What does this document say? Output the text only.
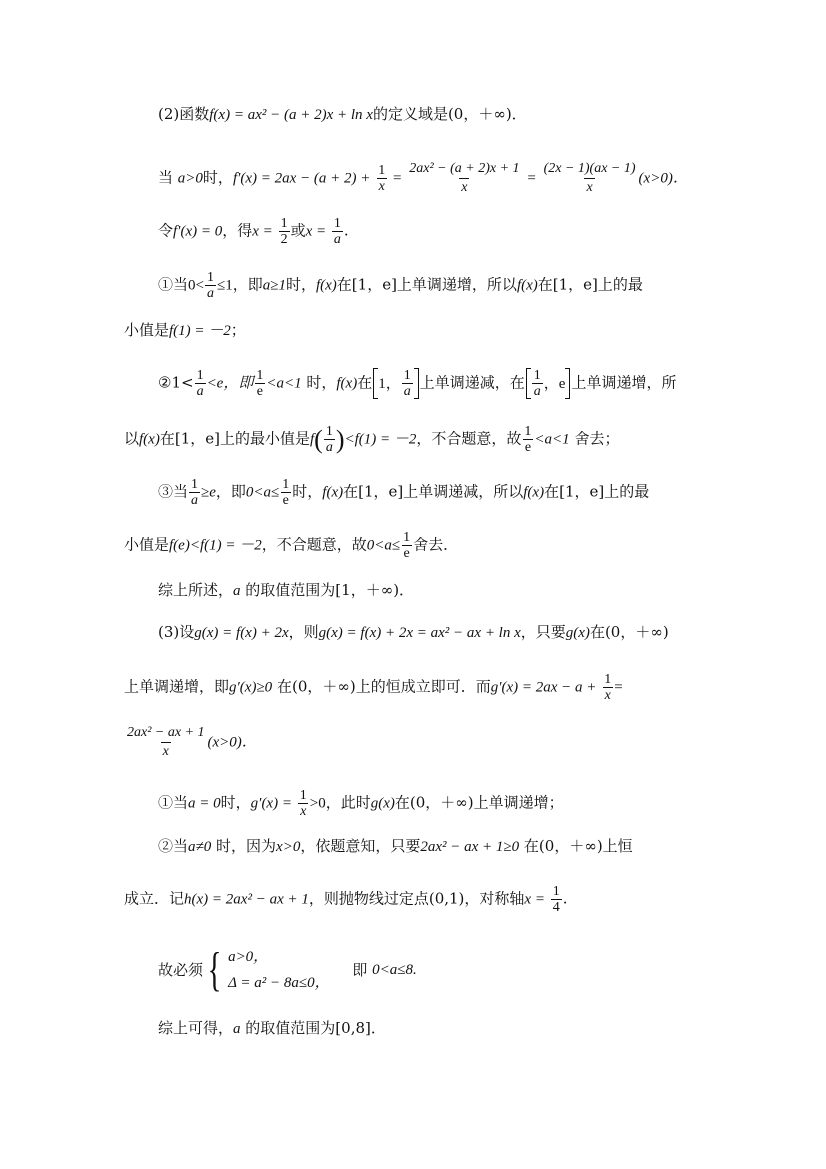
(2)函数f(x) = ax² − (a + 2)x + ln x的定义域是(0，＋∞)．
当 a>0时，$f'(x) = 2ax - (a + 2) + \frac{1}{x} = \frac{\text{2ax² − (a + 2)x + 1}}{x} = \frac{(2x - 1)(ax - 1)}{x} (x>0)$．
令f′(x) = 0，得$x = \frac{1}{2}$ 或$x = \frac{1}{a}$ .
①当$0< \frac{1}{a} \le 1$，即a≥1时，f(x)在[1，e]上单调递增，所以f(x)在[1，e]上的最
小值是f(1) = －2；
②1< $\frac{1}{a} <e$，即 $\frac{1}{e} <a<1$ 时，f(x)在 1， $\frac{1}{a}$ 上单调递减，在 $\frac{1}{a}$ ，e 上单调递增，所
以f(x)在[1，e]上的最小值是f ( $\frac{1}{a}$ ) <f(1) = －2，不合题意，故 $\frac{1}{e} <a<1$ 舍去；
③当 $\frac{1}{a} \ge e$，即$0<a\le \frac{1}{e}$ 时，f(x)在[1，e]上单调递减，所以f(x)在[1，e]上的最
小值是f(e)<f(1) = －2，不合题意，故$0<a\le \frac{1}{e}$ 舍去．
综上所述，a 的取值范围为[1，＋∞)．
(3)设g(x) = f(x) + 2x，则g(x) = f(x) + 2x = ax² − ax + ln x，只要g(x)在(0，＋∞)
上单调递增，即g′(x)≥0 在(0，＋∞)上的恒成立即可．而$g'(x) = 2ax - a + \frac{1}{x}$ =
$\frac{\text{2ax² − ax + 1}}{x} (x>0)$．
①当a = 0时，$g'(x) = \frac{1}{x} >0$，此时g(x)在(0，＋∞)上单调递增；
②当a≠0 时，因为x>0，依题意知，只要2ax² − ax + 1≥0 在(0，＋∞)上恒
成立．记h(x) = 2ax² − ax + 1，则抛物线过定点(0,1)，对称轴$x = \frac{1}{4}$ .
故必须 { a>0，
Δ = a² − 8a≤0，
即 0<a≤8.
综上可得，a 的取值范围为[0,8]．
